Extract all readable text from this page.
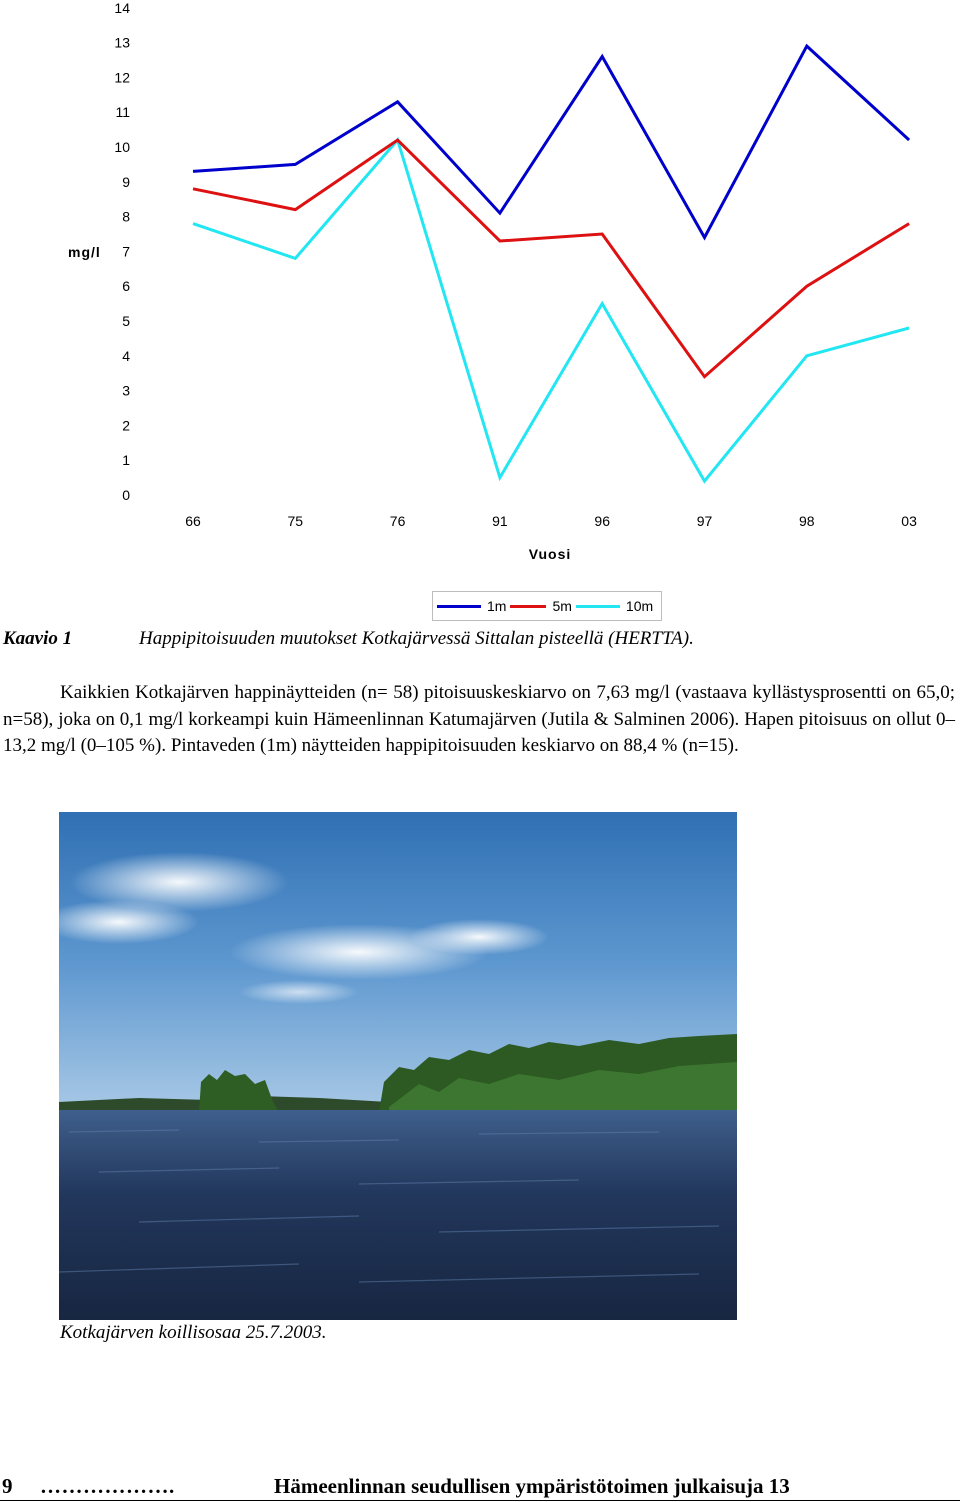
0
1
2
3
4
5
6
7
8
9
10
11
12
13
14
66	75	76	91	96	97	98	03
mg/l
Vuosi
1m	5m	10m
Kaavio 1	Happipitoisuuden muutokset Kotkajärvessä Sittalan pisteellä (HERTTA).
Kaikkien Kotkajärven happinäytteiden (n= 58) pitoisuuskeskiarvo on 7,63 mg/l (vastaava kyllästysprosentti on 65,0; n=58), joka on 0,1 mg/l korkeampi kuin Hämeenlinnan Katumajärven (Jutila & Salminen 2006). Hapen pitoisuus on ollut 0–13,2 mg/l (0–105 %). Pintaveden (1m) näytteiden happipitoisuuden keskiarvo on 88,4 % (n=15).
Kotkajärven koillisosaa 25.7.2003.
9 ……………….	Hämeenlinnan seudullisen ympäristötoimen julkaisuja 13
